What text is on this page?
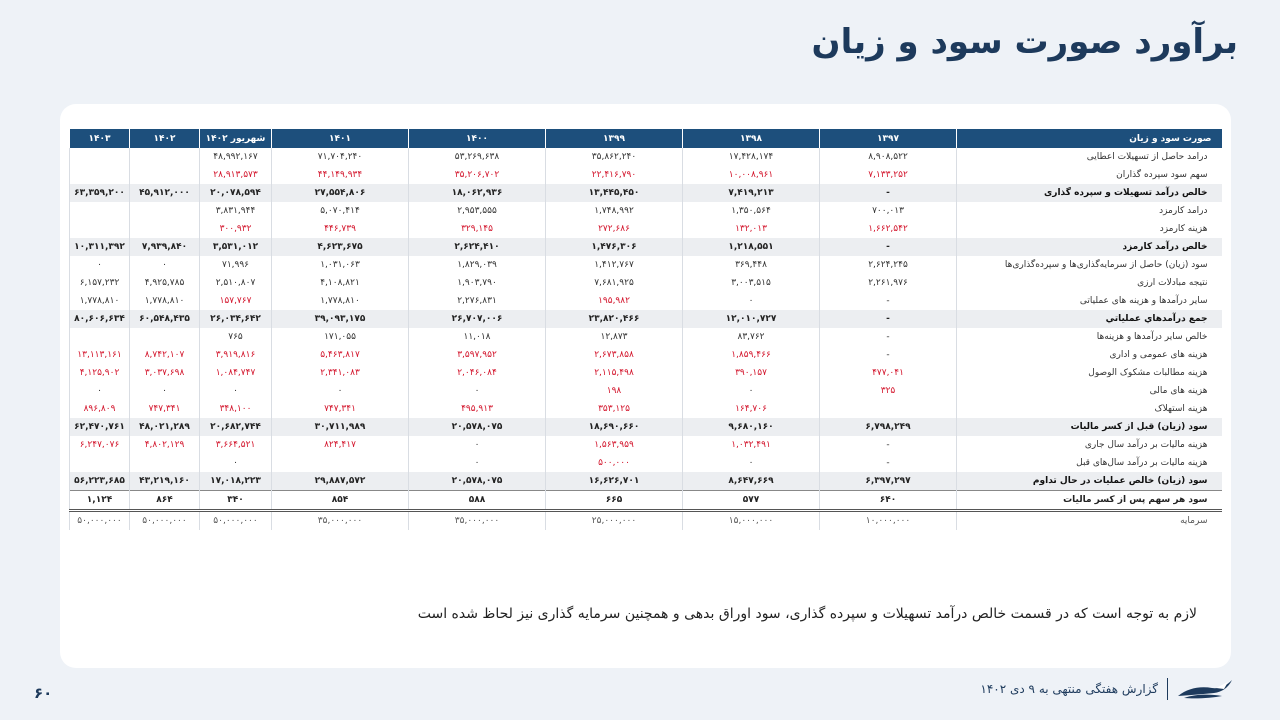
برآورد صورت سود و زیان
صورت سود و زیان	۱۳۹۷	۱۳۹۸	۱۳۹۹	۱۴۰۰	۱۴۰۱	شهریور ۱۴۰۲	۱۴۰۲	۱۴۰۳
درامد حاصل از تسهیلات اعطایی	۸,۹۰۸,۵۲۲	۱۷,۴۲۸,۱۷۴	۳۵,۸۶۲,۲۴۰	۵۳,۲۶۹,۶۳۸	۷۱,۷۰۴,۲۴۰	۴۸,۹۹۲,۱۶۷		
سهم سود سپرده گذاران	۷,۱۳۳,۲۵۲	۱۰,۰۰۸,۹۶۱	۲۲,۴۱۶,۷۹۰	۳۵,۲۰۶,۷۰۲	۴۴,۱۴۹,۹۳۴	۲۸,۹۱۳,۵۷۳		
خالص درآمد تسهیلات و سپرده گذاری	-	۷,۴۱۹,۲۱۳	۱۳,۴۴۵,۴۵۰	۱۸,۰۶۲,۹۳۶	۲۷,۵۵۴,۸۰۶	۲۰,۰۷۸,۵۹۴	۴۵,۹۱۲,۰۰۰	۶۳,۳۵۹,۲۰۰
درامد کارمزد	۷۰۰,۰۱۳	۱,۳۵۰,۵۶۴	۱,۷۴۸,۹۹۲	۲,۹۵۳,۵۵۵	۵,۰۷۰,۴۱۴	۳,۸۳۱,۹۴۴		
هزینه کارمزد	۱,۶۶۲,۵۴۲	۱۳۲,۰۱۳	۲۷۲,۶۸۶	۳۲۹,۱۴۵	۴۴۶,۷۳۹	۳۰۰,۹۳۲		
خالص درآمد کارمزد	-	۱,۲۱۸,۵۵۱	۱,۴۷۶,۳۰۶	۲,۶۲۴,۴۱۰	۴,۶۲۳,۶۷۵	۳,۵۳۱,۰۱۲	۷,۹۳۹,۸۴۰	۱۰,۳۱۱,۳۹۲
سود (زیان) حاصل از سرمایه‌گذاری‌ها و سپرده‌گذاری‌ها	۲,۶۲۴,۲۴۵	۳۶۹,۴۴۸	۱,۴۱۲,۷۶۷	۱,۸۲۹,۰۳۹	۱,۰۳۱,۰۶۳	۷۱,۹۹۶	۰	۰
نتیجه مبادلات ارزی	۲,۲۶۱,۹۷۶	۳,۰۰۳,۵۱۵	۷,۶۸۱,۹۲۵	۱,۹۰۳,۷۹۰	۴,۱۰۸,۸۲۱	۲,۵۱۰,۸۰۷	۴,۹۲۵,۷۸۵	۶,۱۵۷,۲۳۲
سایر درآمدها و هزینه های عملیاتی	-	۰	۱۹۵,۹۸۲	۲,۲۷۶,۸۳۱	۱,۷۷۸,۸۱۰	۱۵۷,۷۶۷	۱,۷۷۸,۸۱۰	۱,۷۷۸,۸۱۰
جمع درآمدهاي عملياتي	-	۱۲,۰۱۰,۷۲۷	۲۳,۸۲۰,۴۶۶	۲۶,۷۰۷,۰۰۶	۳۹,۰۹۳,۱۷۵	۲۶,۰۳۴,۶۴۲	۶۰,۵۴۸,۴۳۵	۸۰,۶۰۶,۶۳۴
خالص سایر درآمدها و هزینه‌ها	-	۸۳,۷۶۲	۱۲,۸۷۳	۱۱,۰۱۸	۱۷۱,۰۵۵	۷۶۵		
هزینه های عمومی و اداری	-	۱,۸۵۹,۴۶۶	۲,۶۷۳,۸۵۸	۳,۵۹۷,۹۵۲	۵,۴۶۳,۸۱۷	۳,۹۱۹,۸۱۶	۸,۷۴۲,۱۰۷	۱۳,۱۱۳,۱۶۱
هزینه مطالبات مشکوک الوصول	۴۷۷,۰۴۱	۳۹۰,۱۵۷	۲,۱۱۵,۴۹۸	۲,۰۴۶,۰۸۴	۲,۳۴۱,۰۸۳	۱,۰۸۴,۷۴۷	۳,۰۳۷,۶۹۸	۴,۱۲۵,۹۰۲
هزینه های مالی	۳۲۵	۰	۱۹۸	۰	۰	۰	۰	۰
هزینه استهلاک		۱۶۴,۷۰۶	۳۵۳,۱۲۵	۴۹۵,۹۱۳	۷۴۷,۳۴۱	۳۴۸,۱۰۰	۷۴۷,۳۴۱	۸۹۶,۸۰۹
سود (زيان) قبل از کسر ماليات	۶,۷۹۸,۲۴۹	۹,۶۸۰,۱۶۰	۱۸,۶۹۰,۶۶۰	۲۰,۵۷۸,۰۷۵	۳۰,۷۱۱,۹۸۹	۲۰,۶۸۲,۷۴۴	۴۸,۰۲۱,۲۸۹	۶۲,۴۷۰,۷۶۱
هزینه مالیات بر درآمد سال جاری	-	۱,۰۳۲,۴۹۱	۱,۵۶۳,۹۵۹	۰	۸۲۴,۴۱۷	۳,۶۶۴,۵۲۱	۴,۸۰۲,۱۲۹	۶,۲۴۷,۰۷۶
هزینه مالیات بر درآمد سال‌های قبل	-	۰	۵۰۰,۰۰۰	۰		۰		
سود (زیان) خالص عملیات در حال تداوم	۶,۳۹۷,۲۹۷	۸,۶۴۷,۶۶۹	۱۶,۶۲۶,۷۰۱	۲۰,۵۷۸,۰۷۵	۲۹,۸۸۷,۵۷۲	۱۷,۰۱۸,۲۲۳	۴۳,۲۱۹,۱۶۰	۵۶,۲۲۳,۶۸۵
سود هر سهم پس از کسر ماليات	۶۴۰	۵۷۷	۶۶۵	۵۸۸	۸۵۴	۳۴۰	۸۶۴	۱,۱۲۴
سرمایه	۱۰,۰۰۰,۰۰۰	۱۵,۰۰۰,۰۰۰	۲۵,۰۰۰,۰۰۰	۳۵,۰۰۰,۰۰۰	۳۵,۰۰۰,۰۰۰	۵۰,۰۰۰,۰۰۰	۵۰,۰۰۰,۰۰۰	۵۰,۰۰۰,۰۰۰

لازم به توجه است که در قسمت خالص درآمد تسهیلات و سپرده گذاری، سود اوراق بدهی و همچنین سرمایه گذاری نیز لحاظ شده است

۶۰	گزارش هفتگی منتهی به ۹ دی ۱۴۰۲
